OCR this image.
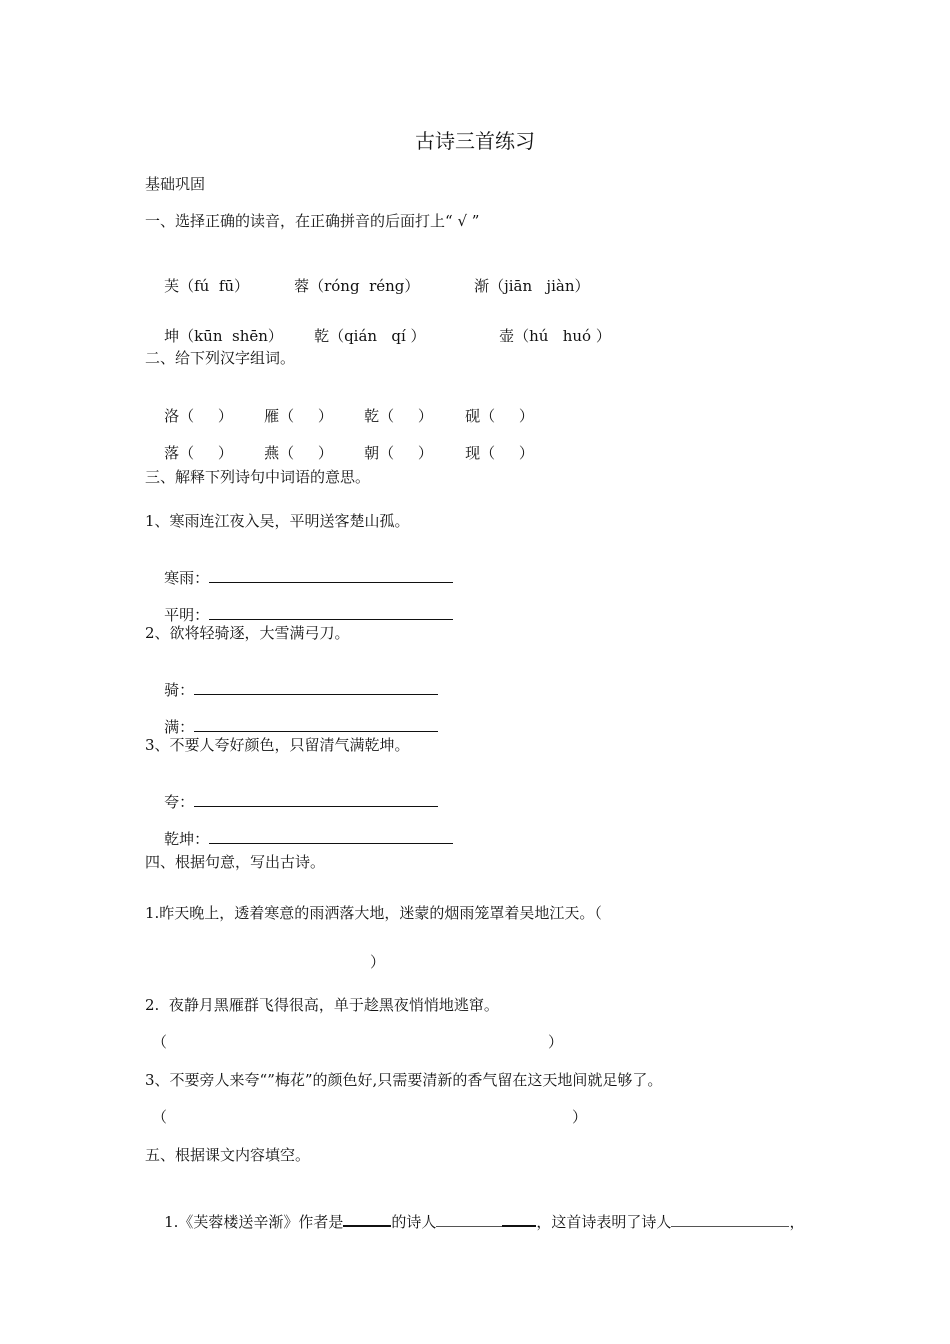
古诗三首练习
基础巩固
一、选择正确的读音，在正确拼音的后面打上“ √ ”

芙（fú  fū）	蓉（róng  réng）	渐（jiān   jiàn）

坤（kūn  shēn） 乾（qián   qí ）	壶（hú   huó ）

二、给下列汉字组词。

洛（     ） 雁（     ） 乾（     ） 砚（     ）

落（     ） 燕（     ） 朝（     ） 现（     ）

三、解释下列诗句中词语的意思。
1、寒雨连江夜入吴，平明送客楚山孤。

寒雨：

平明：

2、欲将轻骑逐，大雪满弓刀。

骑：

满：

3、不要人夸好颜色，只留清气满乾坤。

夸：

乾坤：

四、根据句意，写出古诗。
1.昨天晚上，透着寒意的雨洒落大地，迷蒙的烟雨笼罩着吴地江天。（
）
2.  夜静月黑雁群飞得很高，单于趁黑夜悄悄地逃窜。
（	）
3、不要旁人来夸“”梅花”的颜色好,只需要清新的香气留在这天地间就足够了。
（	）
五、根据课文内容填空。

1.《芙蓉楼送辛渐》作者是	的诗人	，这首诗表明了诗人	，
